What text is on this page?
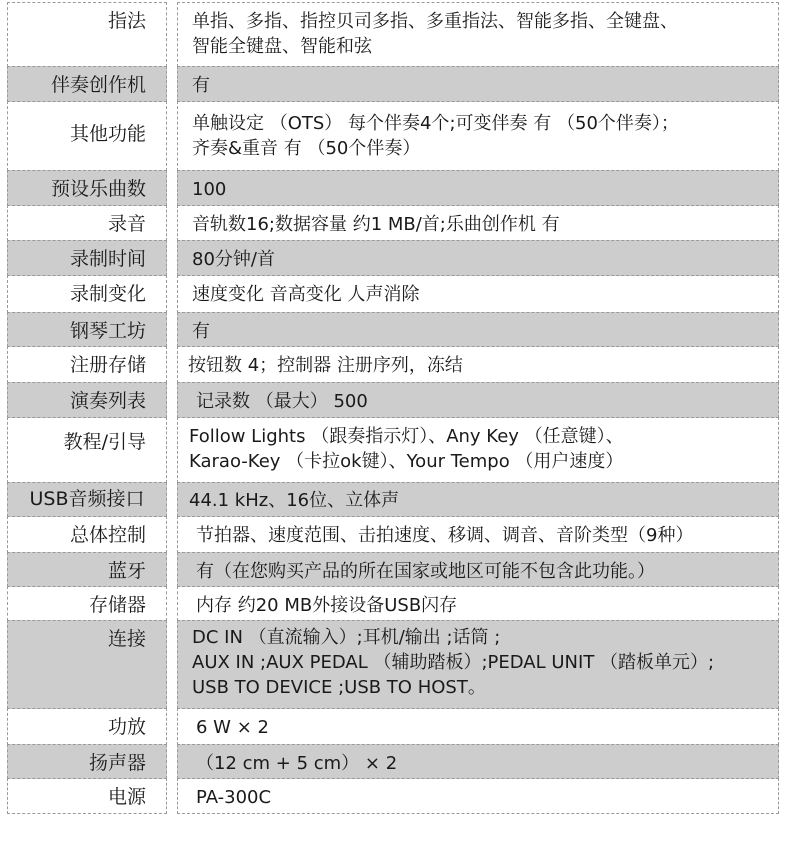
指法	单指、多指、指控贝司多指、多重指法、智能多指、全键盘、
智能全键盘、智能和弦
伴奏创作机	有
其他功能	单触设定 （OTS） 每个伴奏4个;可变伴奏 有 （50个伴奏）；
齐奏&重音 有 （50个伴奏）
预设乐曲数	100
录音	音轨数16;数据容量 约1 MB/首;乐曲创作机 有
录制时间	80分钟/首
录制变化	速度变化 音高变化 人声消除
钢琴工坊	有
注册存储	按钮数 4；控制器 注册序列，冻结
演奏列表	记录数 （最大） 500
教程/引导	Follow Lights （跟奏指示灯）、Any Key （任意键）、
Karao-Key （卡拉ok键）、Your Tempo （用户速度）
USB音频接口	44.1 kHz、16位、立体声
总体控制	节拍器、速度范围、击拍速度、移调、调音、音阶类型（9种）
蓝牙	有（在您购买产品的所在国家或地区可能不包含此功能。）
存储器	内存 约20 MB外接设备USB闪存
连接	DC IN （直流输入）;耳机/输出 ;话筒 ;
AUX IN ;AUX PEDAL （辅助踏板）;PEDAL UNIT （踏板单元）;
USB TO DEVICE ;USB TO HOST。
功放	6 W × 2
扬声器	（12 cm + 5 cm） × 2
电源	PA-300C
